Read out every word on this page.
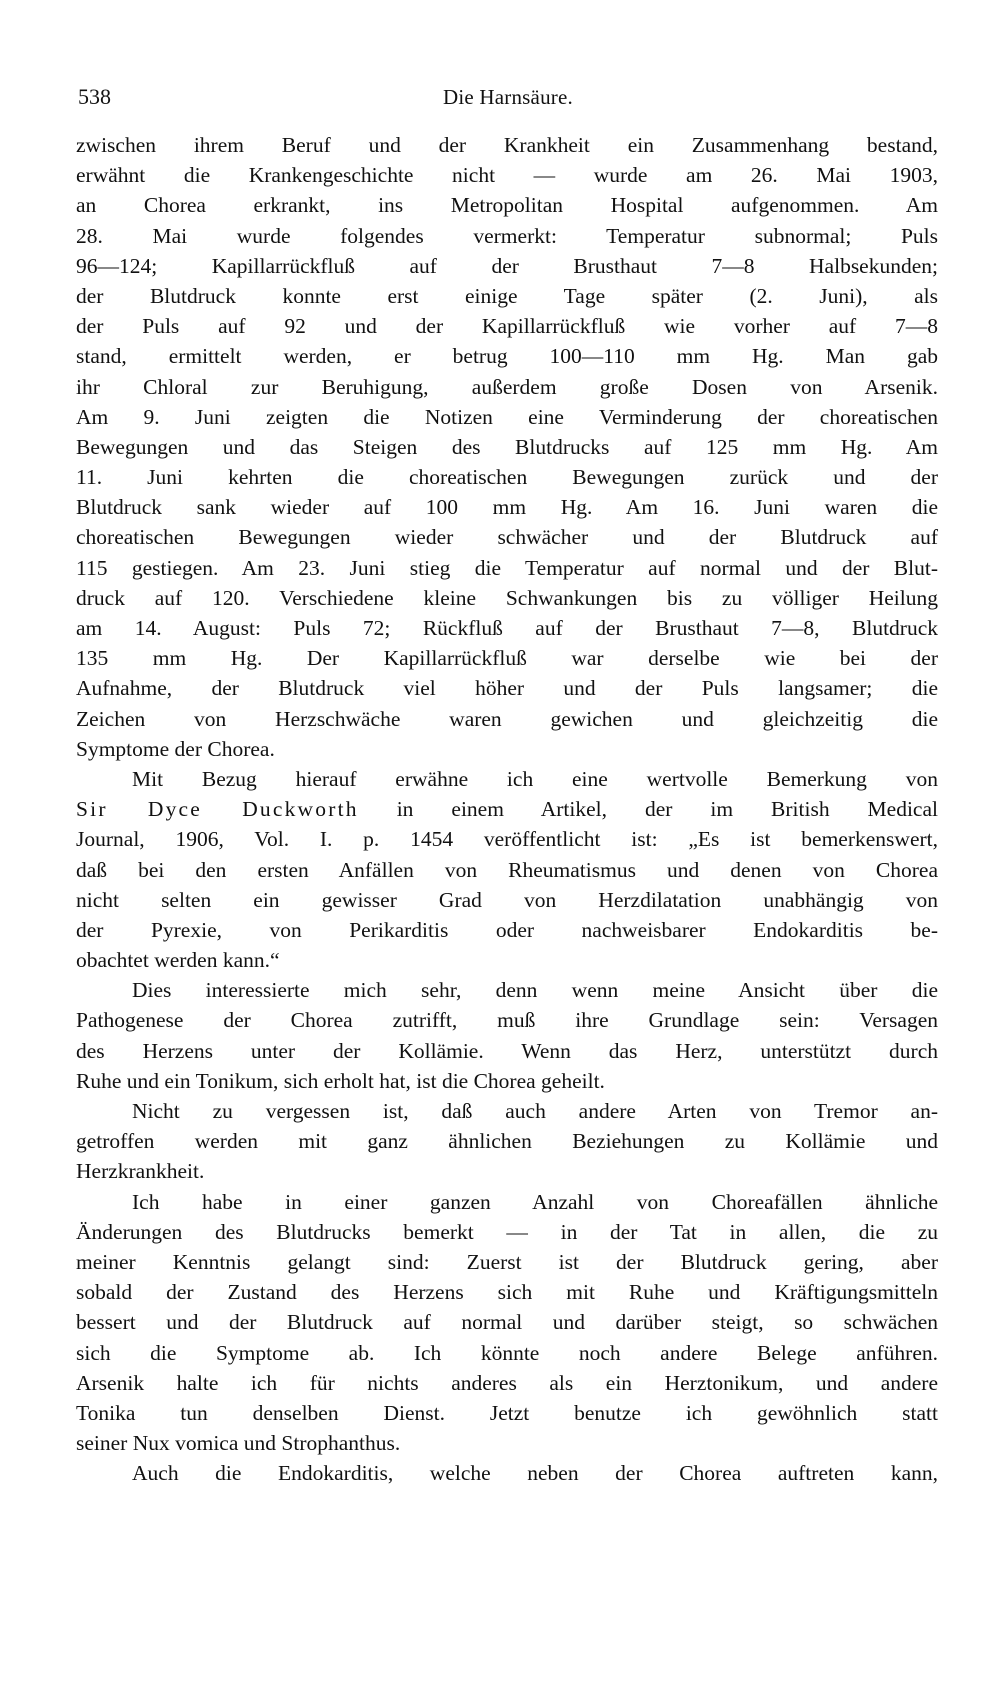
538	Die Harnsäure.
zwischen ihrem Beruf und der Krankheit ein Zusammenhang bestand,
erwähnt die Krankengeschichte nicht — wurde am 26. Mai 1903,
an Chorea erkrankt, ins Metropolitan Hospital aufgenommen. Am
28. Mai wurde folgendes vermerkt: Temperatur subnormal; Puls
96—124; Kapillarrückfluß auf der Brusthaut 7—8 Halbsekunden;
der Blutdruck konnte erst einige Tage später (2. Juni), als
der Puls auf 92 und der Kapillarrückfluß wie vorher auf 7—8
stand, ermittelt werden, er betrug 100—110 mm Hg. Man gab
ihr Chloral zur Beruhigung, außerdem große Dosen von Arsenik.
Am 9. Juni zeigten die Notizen eine Verminderung der choreatischen
Bewegungen und das Steigen des Blutdrucks auf 125 mm Hg. Am
11. Juni kehrten die choreatischen Bewegungen zurück und der
Blutdruck sank wieder auf 100 mm Hg. Am 16. Juni waren die
choreatischen Bewegungen wieder schwächer und der Blutdruck auf
115 gestiegen. Am 23. Juni stieg die Temperatur auf normal und der Blut-
druck auf 120. Verschiedene kleine Schwankungen bis zu völliger Heilung
am 14. August: Puls 72; Rückfluß auf der Brusthaut 7—8, Blutdruck
135 mm Hg. Der Kapillarrückfluß war derselbe wie bei der
Aufnahme, der Blutdruck viel höher und der Puls langsamer; die
Zeichen von Herzschwäche waren gewichen und gleichzeitig die
Symptome der Chorea.
Mit Bezug hierauf erwähne ich eine wertvolle Bemerkung von
Sir Dyce Duckworth in einem Artikel, der im British Medical
Journal, 1906, Vol. I. p. 1454 veröffentlicht ist: „Es ist bemerkenswert,
daß bei den ersten Anfällen von Rheumatismus und denen von Chorea
nicht selten ein gewisser Grad von Herzdilatation unabhängig von
der Pyrexie, von Perikarditis oder nachweisbarer Endokarditis be-
obachtet werden kann.“
Dies interessierte mich sehr, denn wenn meine Ansicht über die
Pathogenese der Chorea zutrifft, muß ihre Grundlage sein: Versagen
des Herzens unter der Kollämie. Wenn das Herz, unterstützt durch
Ruhe und ein Tonikum, sich erholt hat, ist die Chorea geheilt.
Nicht zu vergessen ist, daß auch andere Arten von Tremor an-
getroffen werden mit ganz ähnlichen Beziehungen zu Kollämie und
Herzkrankheit.
Ich habe in einer ganzen Anzahl von Choreafällen ähnliche
Änderungen des Blutdrucks bemerkt — in der Tat in allen, die zu
meiner Kenntnis gelangt sind: Zuerst ist der Blutdruck gering, aber
sobald der Zustand des Herzens sich mit Ruhe und Kräftigungsmitteln
bessert und der Blutdruck auf normal und darüber steigt, so schwächen
sich die Symptome ab. Ich könnte noch andere Belege anführen.
Arsenik halte ich für nichts anderes als ein Herztonikum, und andere
Tonika tun denselben Dienst. Jetzt benutze ich gewöhnlich statt
seiner Nux vomica und Strophanthus.
Auch die Endokarditis, welche neben der Chorea auftreten kann,
